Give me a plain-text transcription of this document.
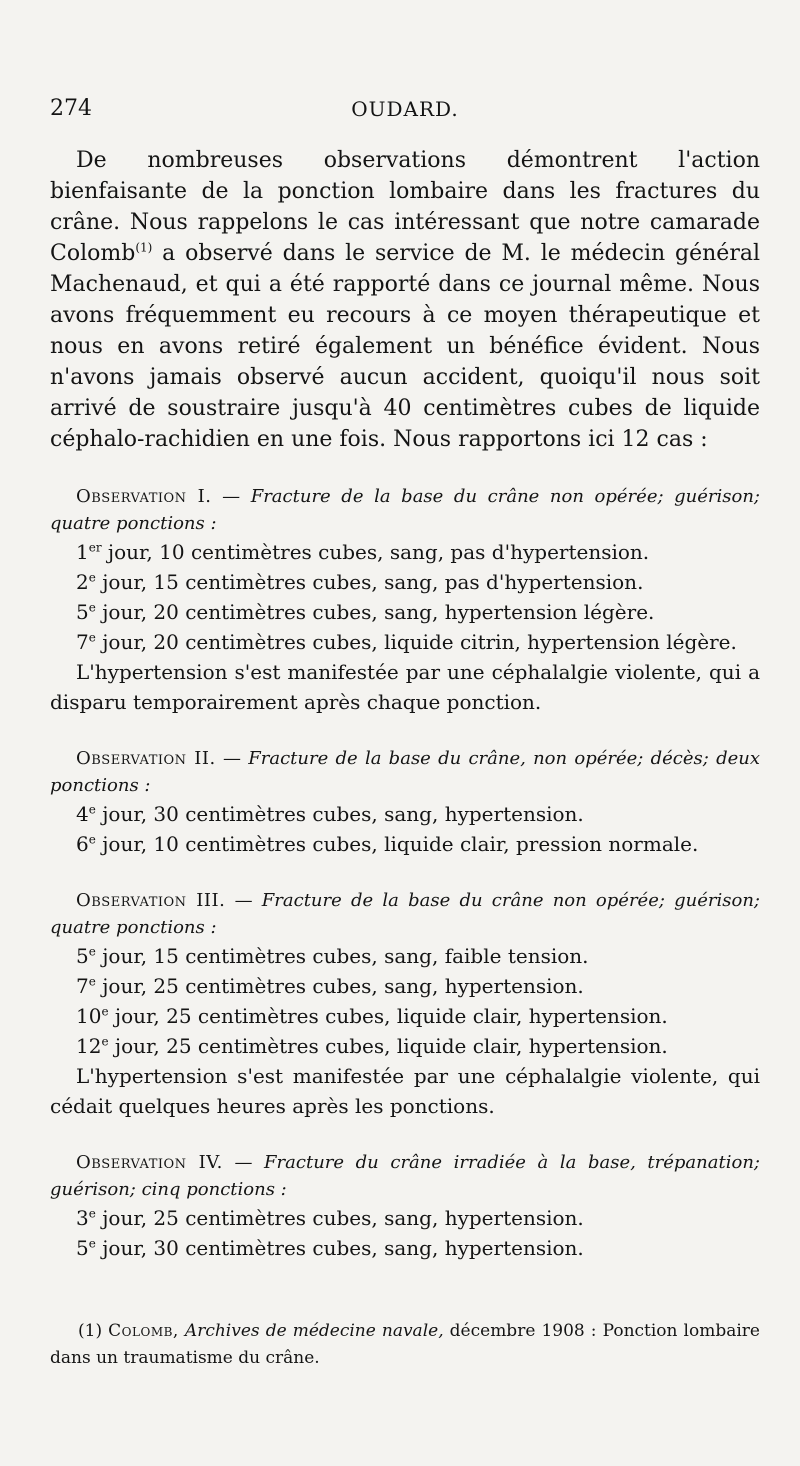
274	OUDARD.

De nombreuses observations démontrent l'action bienfaisante de la ponction lombaire dans les fractures du crâne. Nous rappelons le cas intéressant que notre camarade Colomb$^{(1)}$ a observé dans le service de M. le médecin général Machenaud, et qui a été rapporté dans ce journal même. Nous avons fréquemment eu recours à ce moyen thérapeutique et nous en avons retiré également un bénéfice évident. Nous n'avons jamais observé aucun accident, quoiqu'il nous soit arrivé de soustraire jusqu'à 40 centimètres cubes de liquide céphalo-rachidien en une fois. Nous rapportons ici 12 cas :

Observation I. — Fracture de la base du crâne non opérée; guérison; quatre ponctions :

1er jour, 10 centimètres cubes, sang, pas d'hypertension.

2e jour, 15 centimètres cubes, sang, pas d'hypertension.

5e jour, 20 centimètres cubes, sang, hypertension légère.

7e jour, 20 centimètres cubes, liquide citrin, hypertension légère.

L'hypertension s'est manifestée par une céphalalgie violente, qui a disparu temporairement après chaque ponction.

Observation II. — Fracture de la base du crâne, non opérée; décès; deux ponctions :

4e jour, 30 centimètres cubes, sang, hypertension.

6e jour, 10 centimètres cubes, liquide clair, pression normale.

Observation III. — Fracture de la base du crâne non opérée; guérison; quatre ponctions :

5e jour, 15 centimètres cubes, sang, faible tension.

7e jour, 25 centimètres cubes, sang, hypertension.

10e jour, 25 centimètres cubes, liquide clair, hypertension.

12e jour, 25 centimètres cubes, liquide clair, hypertension.

L'hypertension s'est manifestée par une céphalalgie violente, qui cédait quelques heures après les ponctions.

Observation IV. — Fracture du crâne irradiée à la base, trépanation; guérison; cinq ponctions :

3e jour, 25 centimètres cubes, sang, hypertension.

5e jour, 30 centimètres cubes, sang, hypertension.

(1) Colomb, Archives de médecine navale, décembre 1908 : Ponction lombaire dans un traumatisme du crâne.
